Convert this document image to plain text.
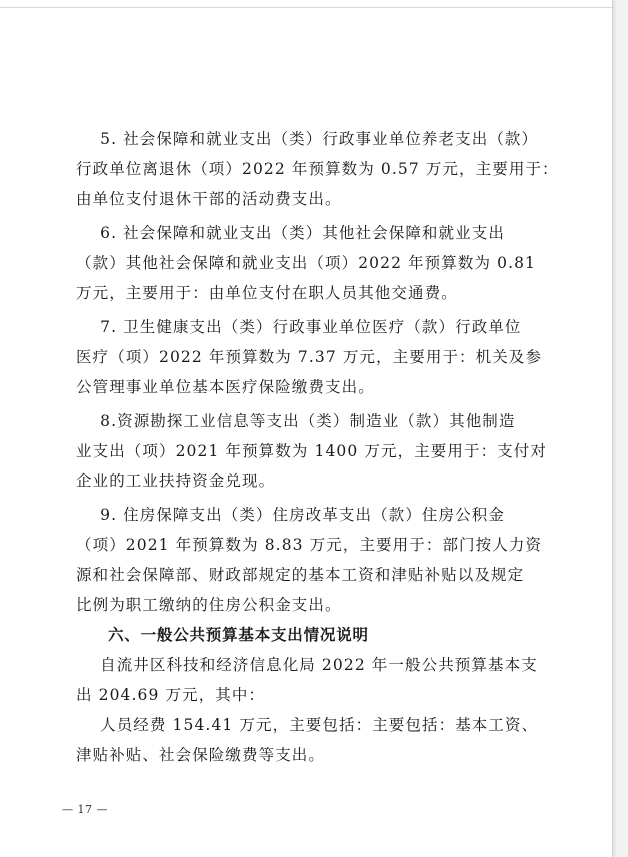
5. 社会保障和就业支出（类）行政事业单位养老支出（款）
行政单位离退休（项）2022 年预算数为 0.57 万元，主要用于：
由单位支付退休干部的活动费支出。
6. 社会保障和就业支出（类）其他社会保障和就业支出
（款）其他社会保障和就业支出（项）2022 年预算数为 0.81
万元，主要用于：由单位支付在职人员其他交通费。
7. 卫生健康支出（类）行政事业单位医疗（款）行政单位
医疗（项）2022 年预算数为 7.37 万元，主要用于：机关及参
公管理事业单位基本医疗保险缴费支出。
8.资源勘探工业信息等支出（类）制造业（款）其他制造
业支出（项）2021 年预算数为 1400 万元，主要用于：支付对
企业的工业扶持资金兑现。
9. 住房保障支出（类）住房改革支出（款）住房公积金
（项）2021 年预算数为 8.83 万元，主要用于：部门按人力资
源和社会保障部、财政部规定的基本工资和津贴补贴以及规定
比例为职工缴纳的住房公积金支出。
六、一般公共预算基本支出情况说明
自流井区科技和经济信息化局 2022 年一般公共预算基本支
出 204.69 万元，其中：
人员经费 154.41 万元，主要包括：主要包括：基本工资、
津贴补贴、社会保险缴费等支出。
— 17 —
